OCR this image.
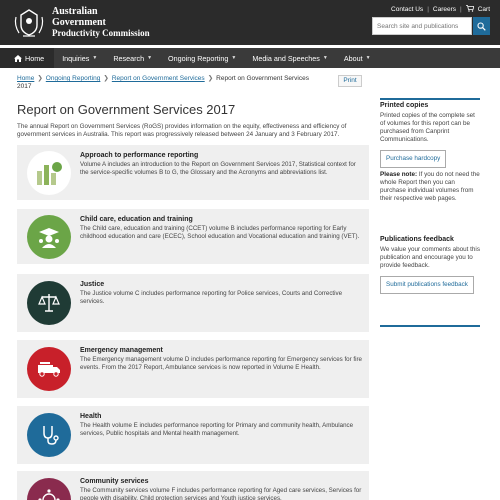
Australian Government
Productivity Commission
Contact Us | Careers | Cart
Search site and publications
Home	Inquiries ▼ Research ▼ Ongoing Reporting ▼ Media and Speeches ▼ About ▼
Home ❯ Ongoing Reporting ❯ Report on Government Services ❯ Report on Government Services 2017
Print
Report on Government Services 2017

The annual Report on Government Services (RoGS) provides information on the equity, effectiveness and efficiency of government services in Australia. This report was progressively released between 24 January and 3 February 2017.

Approach to performance reporting
Volume A includes an introduction to the Report on Government Services 2017, Statistical context for the service-specific volumes B to G, the Glossary and the Acronyms and abbreviations list.
Child care, education and training
The Child care, education and training (CCET) volume B includes performance reporting for Early childhood education and care (ECEC), School education and Vocational education and training (VET).
Justice
The Justice volume C includes performance reporting for Police services, Courts and Corrective services.
Emergency management
The Emergency management volume D includes performance reporting for Emergency services for fire events. From the 2017 Report, Ambulance services is now reported in Volume E Health.
Health
The Health volume E includes performance reporting for Primary and community health, Ambulance services, Public hospitals and Mental health management.
Community services
The Community services volume F includes performance reporting for Aged care services, Services for people with disability, Child protection services and Youth justice services.
Printed copies
Printed copies of the complete set of volumes for this report can be purchased from Canprint Communications.
Purchase hardcopy
Please note: If you do not need the whole Report then you can purchase individual volumes from their respective web pages.
Publications feedback
We value your comments about this publication and encourage you to provide feedback.
Submit publications feedback
